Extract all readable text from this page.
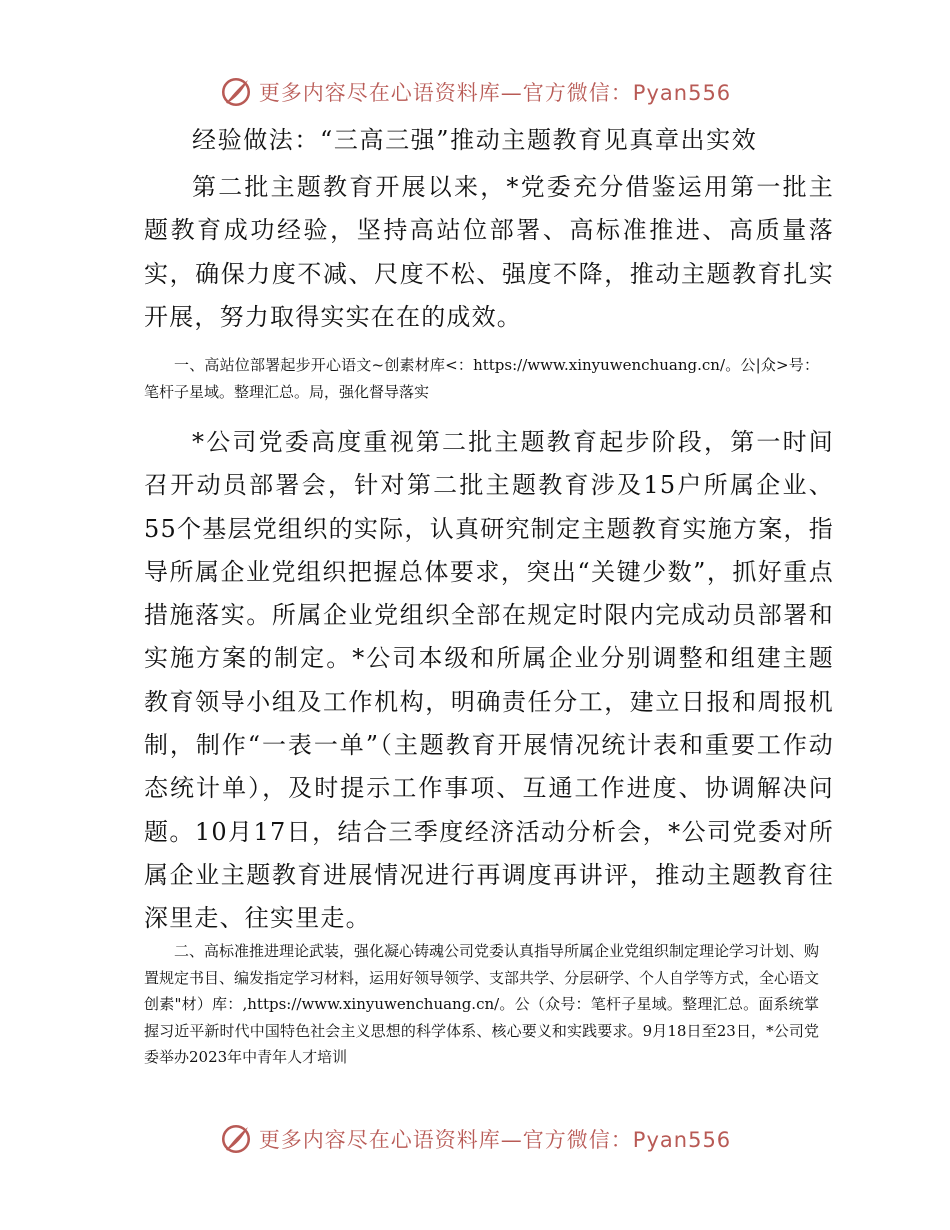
更多内容尽在心语资料库—官方微信：Pyan556
经验做法：“三高三强”推动主题教育见真章出实效

第二批主题教育开展以来，*党委充分借鉴运用第一批主题教育成功经验，坚持高站位部署、高标准推进、高质量落实，确保力度不减、尺度不松、强度不降，推动主题教育扎实开展，努力取得实实在在的成效。

一、高站位部署起步开心语文~创素材库<：https://www.xinyuwenchuang.cn/。公|众>号：笔杆子星域。整理汇总。局，强化督导落实

*公司党委高度重视第二批主题教育起步阶段，第一时间召开动员部署会，针对第二批主题教育涉及15户所属企业、55个基层党组织的实际，认真研究制定主题教育实施方案，指导所属企业党组织把握总体要求，突出“关键少数”，抓好重点措施落实。所属企业党组织全部在规定时限内完成动员部署和实施方案的制定。*公司本级和所属企业分别调整和组建主题教育领导小组及工作机构，明确责任分工，建立日报和周报机制，制作“一表一单”（主题教育开展情况统计表和重要工作动态统计单），及时提示工作事项、互通工作进度、协调解决问题。10月17日，结合三季度经济活动分析会，*公司党委对所属企业主题教育进展情况进行再调度再讲评，推动主题教育往深里走、往实里走。

二、高标准推进理论武装，强化凝心铸魂公司党委认真指导所属企业党组织制定理论学习计划、购置规定书目、编发指定学习材料，运用好领导领学、支部共学、分层研学、个人自学等方式，全心语文创素"材）库：,https://www.xinyuwenchuang.cn/。公（众号：笔杆子星域。整理汇总。面系统掌握习近平新时代中国特色社会主义思想的科学体系、核心要义和实践要求。9月18日至23日，*公司党委举办2023年中青年人才培训

更多内容尽在心语资料库—官方微信：Pyan556
